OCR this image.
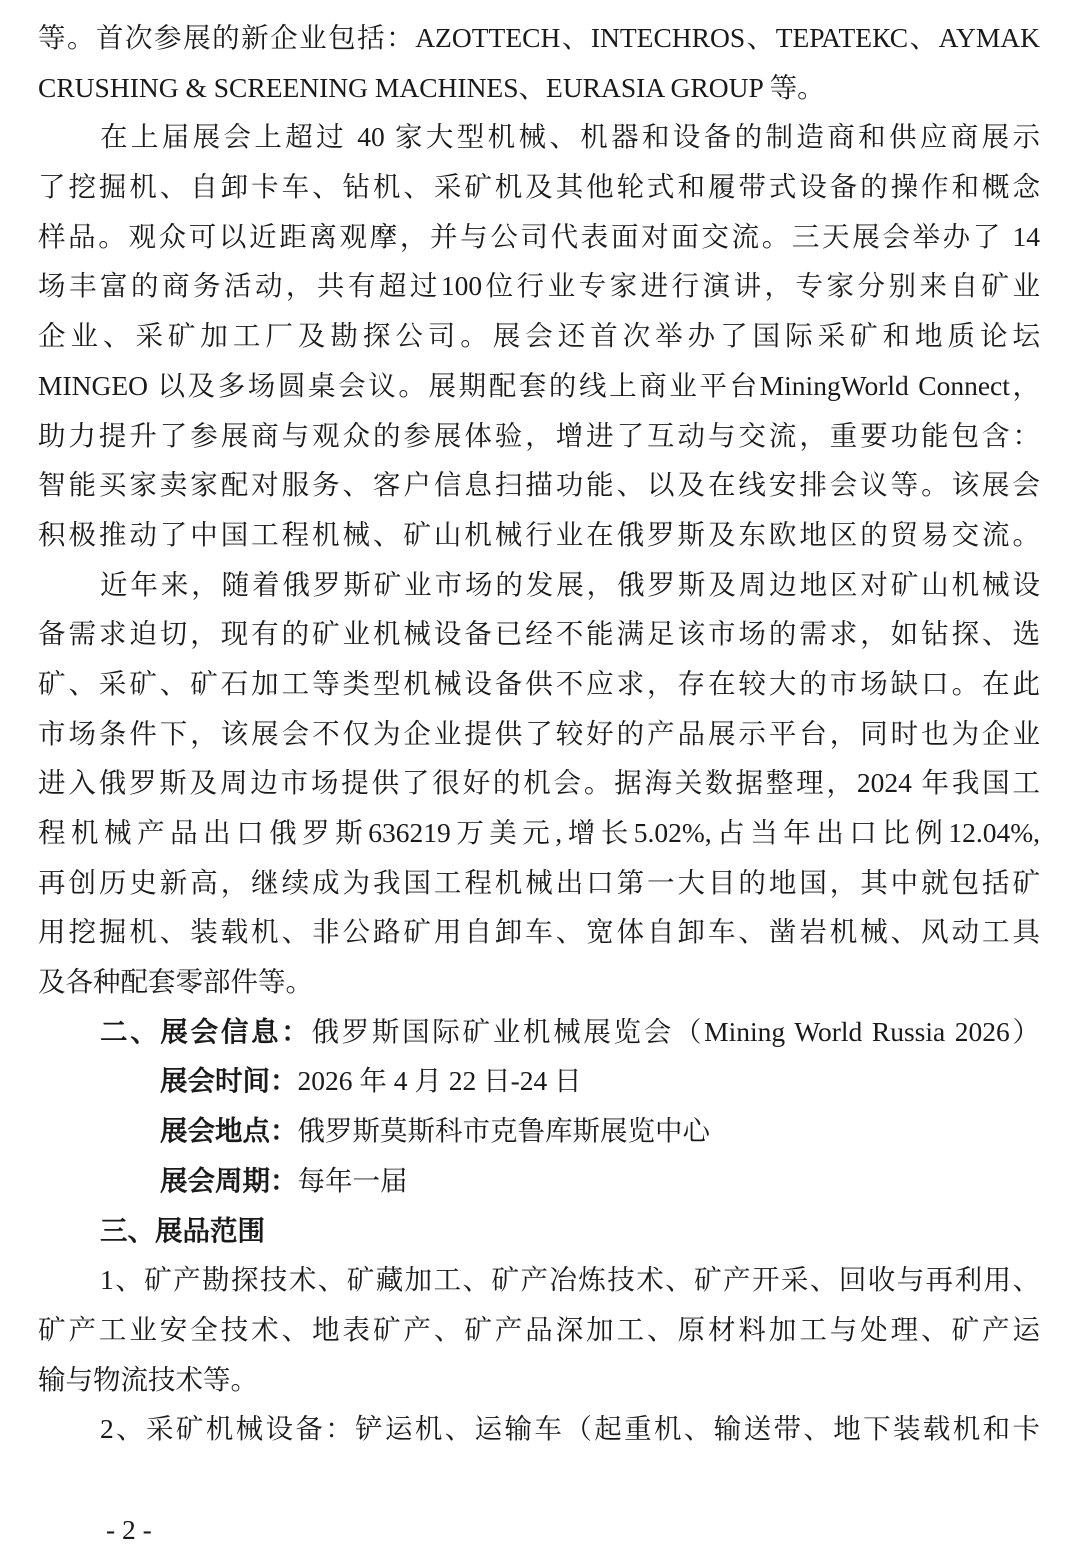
等。首次参展的新企业包括：AZOTTECH、INTECHROS、ТЕРАТЕКС、AYMAK
CRUSHING & SCREENING MACHINES、EURASIA GROUP 等。
在上届展会上超过 40 家大型机械、机器和设备的制造商和供应商展示
了挖掘机、自卸卡车、钻机、采矿机及其他轮式和履带式设备的操作和概念
样品。观众可以近距离观摩，并与公司代表面对面交流。三天展会举办了 14
场丰富的商务活动，共有超过100位行业专家进行演讲，专家分别来自矿业
企业、采矿加工厂及勘探公司。展会还首次举办了国际采矿和地质论坛
MINGEO 以及多场圆桌会议。展期配套的线上商业平台MiningWorld Connect，
助力提升了参展商与观众的参展体验，增进了互动与交流，重要功能包含：
智能买家卖家配对服务、客户信息扫描功能、以及在线安排会议等。该展会
积极推动了中国工程机械、矿山机械行业在俄罗斯及东欧地区的贸易交流。
近年来，随着俄罗斯矿业市场的发展，俄罗斯及周边地区对矿山机械设
备需求迫切，现有的矿业机械设备已经不能满足该市场的需求，如钻探、选
矿、采矿、矿石加工等类型机械设备供不应求，存在较大的市场缺口。在此
市场条件下，该展会不仅为企业提供了较好的产品展示平台，同时也为企业
进入俄罗斯及周边市场提供了很好的机会。据海关数据整理，2024 年我国工
程机械产品出口俄罗斯636219万美元,增长5.02%,占当年出口比例12.04%,
再创历史新高，继续成为我国工程机械出口第一大目的地国，其中就包括矿
用挖掘机、装载机、非公路矿用自卸车、宽体自卸车、凿岩机械、风动工具
及各种配套零部件等。
二、展会信息：俄罗斯国际矿业机械展览会（Mining World Russia 2026）
展会时间：2026 年 4 月 22 日-24 日
展会地点：俄罗斯莫斯科市克鲁库斯展览中心
展会周期：每年一届
三、展品范围
1、矿产勘探技术、矿藏加工、矿产冶炼技术、矿产开采、回收与再利用、
矿产工业安全技术、地表矿产、矿产品深加工、原材料加工与处理、矿产运
输与物流技术等。
2、采矿机械设备：铲运机、运输车（起重机、输送带、地下装载机和卡
- 2 -
